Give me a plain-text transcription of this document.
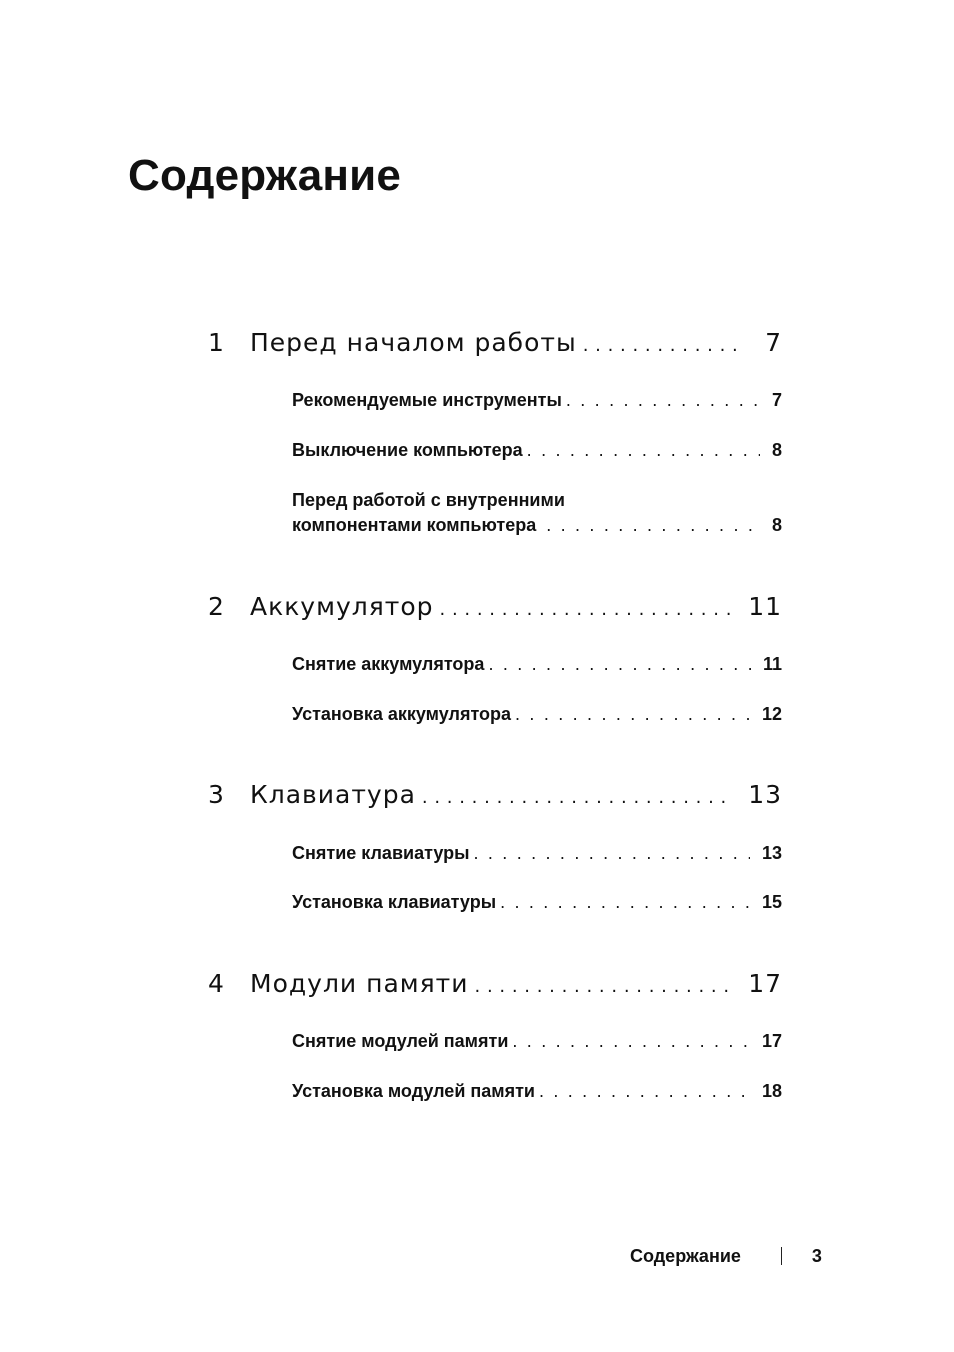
Содержание
1	Перед началом работы . . .	7
Рекомендуемые инструменты . . .	7
Выключение компьютера . . .	8
Перед работой с внутренними
компонентами компьютера . . .	8
2	Аккумулятор . . .	11
Снятие аккумулятора . . .	11
Установка аккумулятора . . .	12
3	Клавиатура . . .	13
Снятие клавиатуры . . .	13
Установка клавиатуры . . .	15
4	Модули памяти . . .	17
Снятие модулей памяти . . .	17
Установка модулей памяти . . .	18
Содержание	3
